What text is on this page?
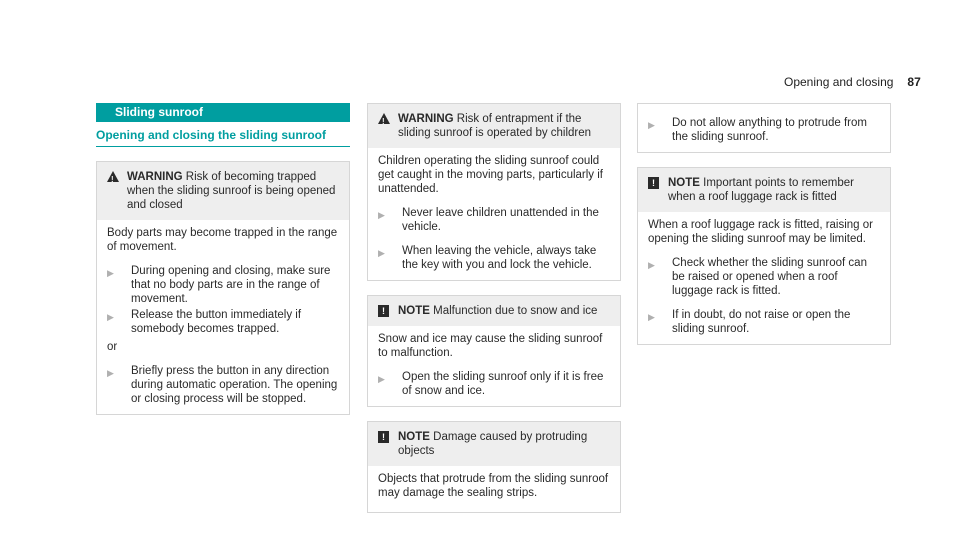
Opening and closing 87
Sliding sunroof
Opening and closing the sliding sunroof
!
WARNING Risk of becoming trapped when the sliding sunroof is being opened and closed

Body parts may become trapped in the range of movement.

▶	During opening and closing, make sure that no body parts are in the range of movement.
▶	Release the button immediately if somebody becomes trapped.

or

▶	Briefly press the button in any direction during automatic operation. The opening or closing process will be stopped.
!
WARNING Risk of entrapment if the sliding sunroof is operated by children

Children operating the sliding sunroof could get caught in the moving parts, particularly if unattended.

▶	Never leave children unattended in the vehicle.
▶	When leaving the vehicle, always take the key with you and lock the vehicle.
!	NOTE Malfunction due to snow and ice

Snow and ice may cause the sliding sunroof to malfunction.

▶	Open the sliding sunroof only if it is free of snow and ice.
!	NOTE Damage caused by protruding objects

Objects that protrude from the sliding sunroof may damage the sealing strips.

▶	Do not allow anything to protrude from the sliding sunroof.
!	NOTE Important points to remember when a roof luggage rack is fitted

When a roof luggage rack is fitted, raising or opening the sliding sunroof may be limited.

▶	Check whether the sliding sunroof can be raised or opened when a roof luggage rack is fitted.
▶	If in doubt, do not raise or open the sliding sunroof.
